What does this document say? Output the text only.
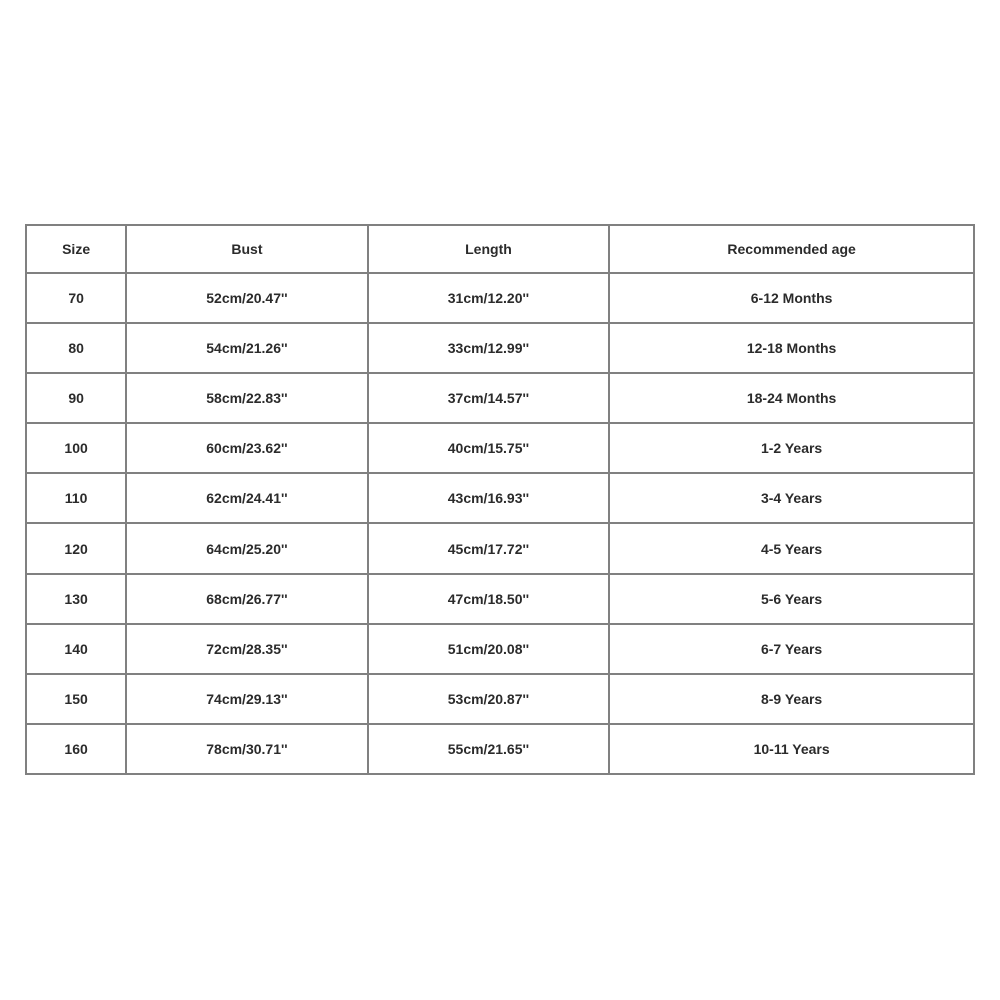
Size	Bust	Length	Recommended age
70	52cm/20.47''	31cm/12.20''	6-12 Months
80	54cm/21.26''	33cm/12.99''	12-18 Months
90	58cm/22.83''	37cm/14.57''	18-24 Months
100	60cm/23.62''	40cm/15.75''	1-2 Years
110	62cm/24.41''	43cm/16.93''	3-4 Years
120	64cm/25.20''	45cm/17.72''	4-5 Years
130	68cm/26.77''	47cm/18.50''	5-6 Years
140	72cm/28.35''	51cm/20.08''	6-7 Years
150	74cm/29.13''	53cm/20.87''	8-9 Years
160	78cm/30.71''	55cm/21.65''	10-11 Years
